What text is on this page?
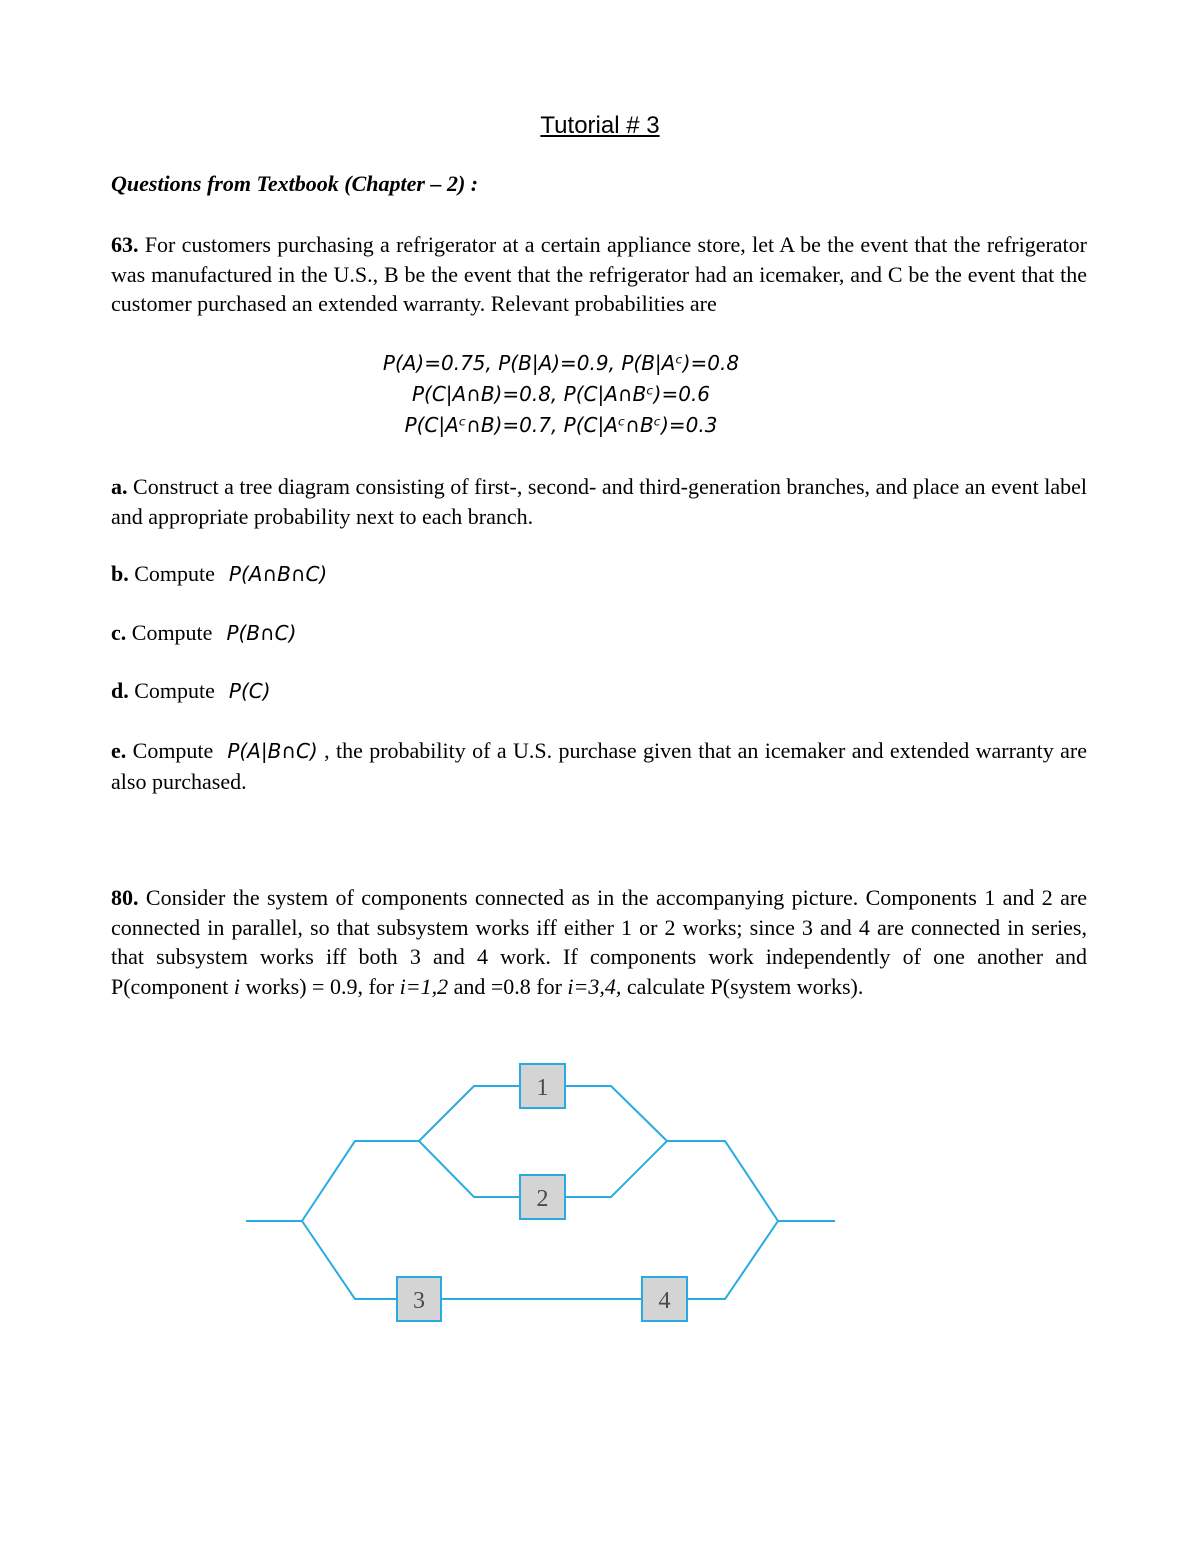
Tutorial # 3
Questions from Textbook (Chapter – 2) :
63. For customers purchasing a refrigerator at a certain appliance store, let A be the event that the refrigerator was manufactured in the U.S., B be the event that the refrigerator had an icemaker, and C be the event that the customer purchased an extended warranty. Relevant probabilities are
P(A)=0.75, P(B|A)=0.9, P(B|Aᶜ)=0.8
P(C|A∩B)=0.8, P(C|A∩Bᶜ)=0.6
P(C|Aᶜ∩B)=0.7, P(C|Aᶜ∩Bᶜ)=0.3
a. Construct a tree diagram consisting of first-, second- and third-generation branches, and place an event label and appropriate probability next to each branch.
b. Compute P(A∩B∩C)
c. Compute P(B∩C)
d. Compute P(C)
e. Compute P(A|B∩C) , the probability of a U.S. purchase given that an icemaker and extended warranty are also purchased.
80. Consider the system of components connected as in the accompanying picture. Components 1 and 2 are connected in parallel, so that subsystem works iff either 1 or 2 works; since 3 and 4 are connected in series, that subsystem works iff both 3 and 4 work. If components work independently of one another and P(component i works) = 0.9, for i=1,2 and =0.8 for i=3,4, calculate P(system works).
1
2
3	4
